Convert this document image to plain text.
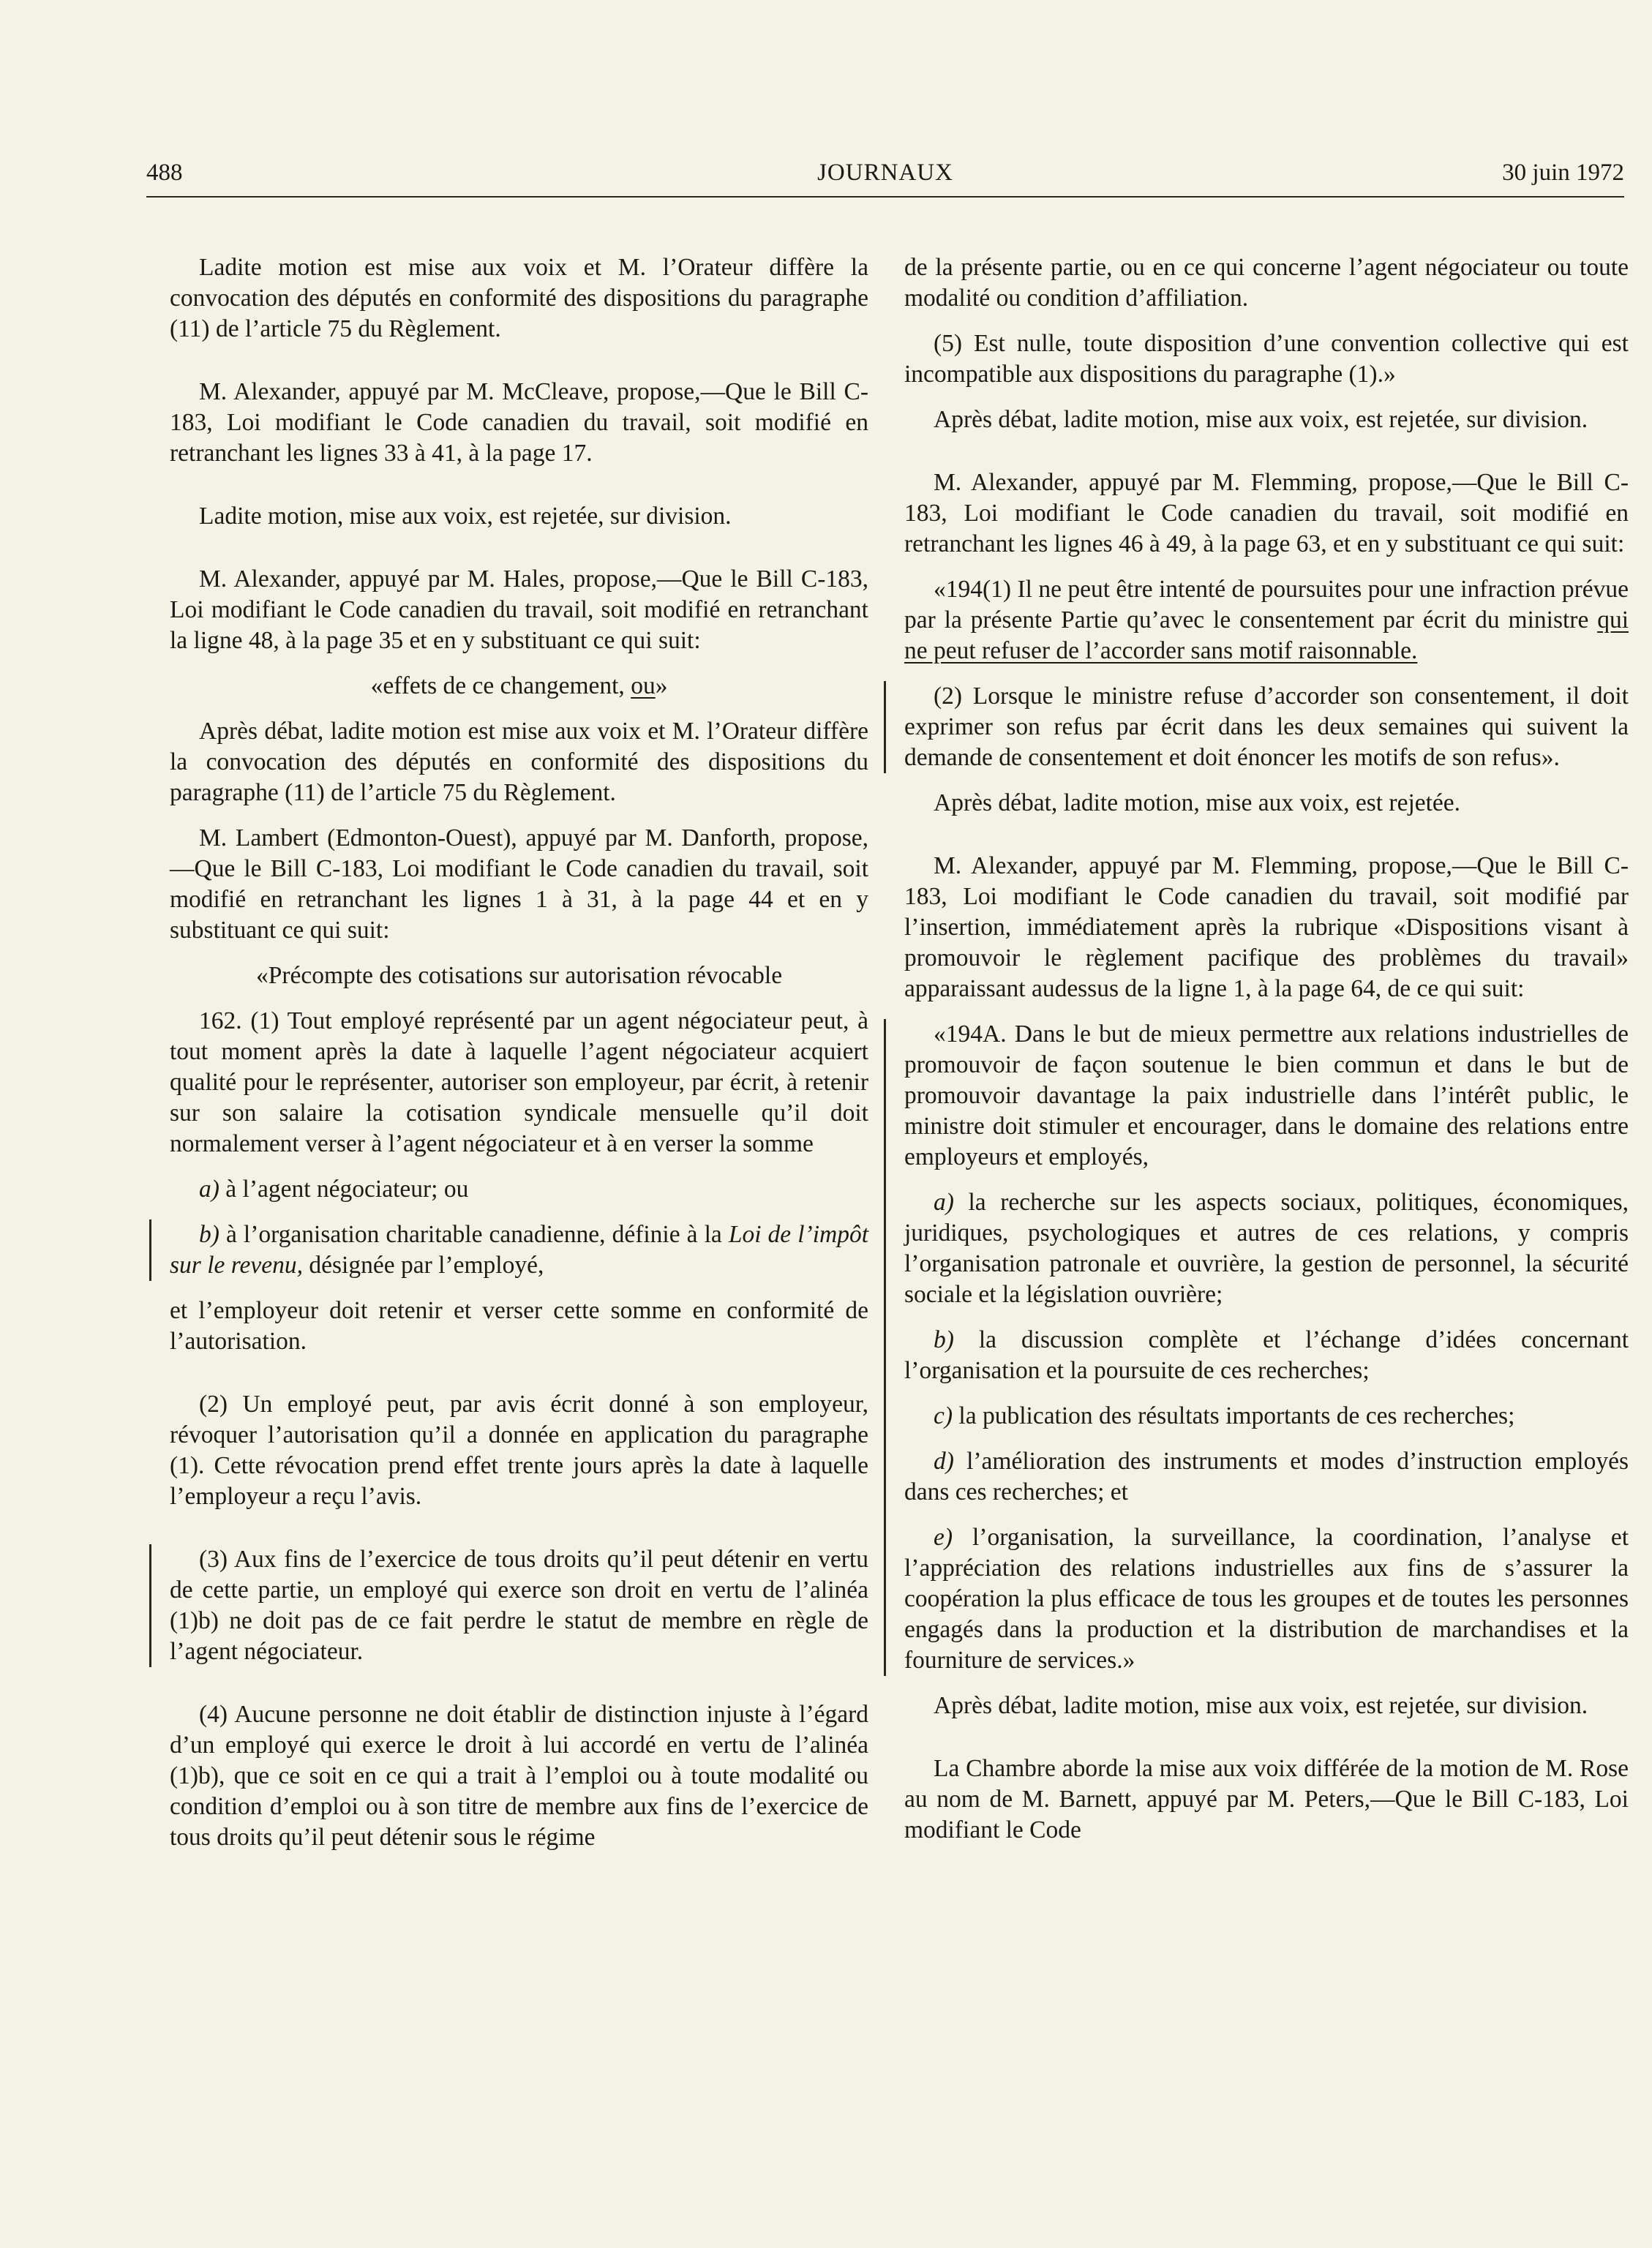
488	JOURNAUX	30 juin 1972

Ladite motion est mise aux voix et M. l’Orateur diffère la convocation des députés en conformité des dispositions du paragraphe (11) de l’article 75 du Règlement.

M. Alexander, appuyé par M. McCleave, propose,—Que le Bill C-183, Loi modifiant le Code canadien du travail, soit modifié en retranchant les lignes 33 à 41, à la page 17.

Ladite motion, mise aux voix, est rejetée, sur division.

M. Alexander, appuyé par M. Hales, propose,—Que le Bill C-183, Loi modifiant le Code canadien du travail, soit modifié en retranchant la ligne 48, à la page 35 et en y substituant ce qui suit:

«effets de ce changement, ou»

Après débat, ladite motion est mise aux voix et M. l’Orateur diffère la convocation des députés en conformité des dispositions du paragraphe (11) de l’article 75 du Règlement.

M. Lambert (Edmonton-Ouest), appuyé par M. Danforth, propose,—Que le Bill C-183, Loi modifiant le Code canadien du travail, soit modifié en retranchant les lignes 1 à 31, à la page 44 et en y substituant ce qui suit:

«Précompte des cotisations sur autorisation révocable

162. (1) Tout employé représenté par un agent négociateur peut, à tout moment après la date à laquelle l’agent négociateur acquiert qualité pour le représenter, autoriser son employeur, par écrit, à retenir sur son salaire la cotisation syndicale mensuelle qu’il doit normalement verser à l’agent négociateur et à en verser la somme

a) à l’agent négociateur; ou

b) à l’organisation charitable canadienne, définie à la Loi de l’impôt sur le revenu, désignée par l’employé,

et l’employeur doit retenir et verser cette somme en conformité de l’autorisation.

(2) Un employé peut, par avis écrit donné à son employeur, révoquer l’autorisation qu’il a donnée en application du paragraphe (1). Cette révocation prend effet trente jours après la date à laquelle l’employeur a reçu l’avis.

(3) Aux fins de l’exercice de tous droits qu’il peut détenir en vertu de cette partie, un employé qui exerce son droit en vertu de l’alinéa (1)b) ne doit pas de ce fait perdre le statut de membre en règle de l’agent négociateur.

(4) Aucune personne ne doit établir de distinction injuste à l’égard d’un employé qui exerce le droit à lui accordé en vertu de l’alinéa (1)b), que ce soit en ce qui a trait à l’emploi ou à toute modalité ou condition d’emploi ou à son titre de membre aux fins de l’exercice de tous droits qu’il peut détenir sous le régime

de la présente partie, ou en ce qui concerne l’agent négociateur ou toute modalité ou condition d’affiliation.

(5) Est nulle, toute disposition d’une convention collective qui est incompatible aux dispositions du paragraphe (1).»

Après débat, ladite motion, mise aux voix, est rejetée, sur division.

M. Alexander, appuyé par M. Flemming, propose,—Que le Bill C-183, Loi modifiant le Code canadien du travail, soit modifié en retranchant les lignes 46 à 49, à la page 63, et en y substituant ce qui suit:

«194(1) Il ne peut être intenté de poursuites pour une infraction prévue par la présente Partie qu’avec le consentement par écrit du ministre qui ne peut refuser de l’accorder sans motif raisonnable.

(2) Lorsque le ministre refuse d’accorder son consentement, il doit exprimer son refus par écrit dans les deux semaines qui suivent la demande de consentement et doit énoncer les motifs de son refus».

Après débat, ladite motion, mise aux voix, est rejetée.

M. Alexander, appuyé par M. Flemming, propose,—Que le Bill C-183, Loi modifiant le Code canadien du travail, soit modifié par l’insertion, immédiatement après la rubrique «Dispositions visant à promouvoir le règlement pacifique des problèmes du travail» apparaissant audessus de la ligne 1, à la page 64, de ce qui suit:

«194A. Dans le but de mieux permettre aux relations industrielles de promouvoir de façon soutenue le bien commun et dans le but de promouvoir davantage la paix industrielle dans l’intérêt public, le ministre doit stimuler et encourager, dans le domaine des relations entre employeurs et employés,

a) la recherche sur les aspects sociaux, politiques, économiques, juridiques, psychologiques et autres de ces relations, y compris l’organisation patronale et ouvrière, la gestion de personnel, la sécurité sociale et la législation ouvrière;

b) la discussion complète et l’échange d’idées concernant l’organisation et la poursuite de ces recherches;

c) la publication des résultats importants de ces recherches;

d) l’amélioration des instruments et modes d’instruction employés dans ces recherches; et

e) l’organisation, la surveillance, la coordination, l’analyse et l’appréciation des relations industrielles aux fins de s’assurer la coopération la plus efficace de tous les groupes et de toutes les personnes engagés dans la production et la distribution de marchandises et la fourniture de services.»

Après débat, ladite motion, mise aux voix, est rejetée, sur division.

La Chambre aborde la mise aux voix différée de la motion de M. Rose au nom de M. Barnett, appuyé par M. Peters,—Que le Bill C-183, Loi modifiant le Code
